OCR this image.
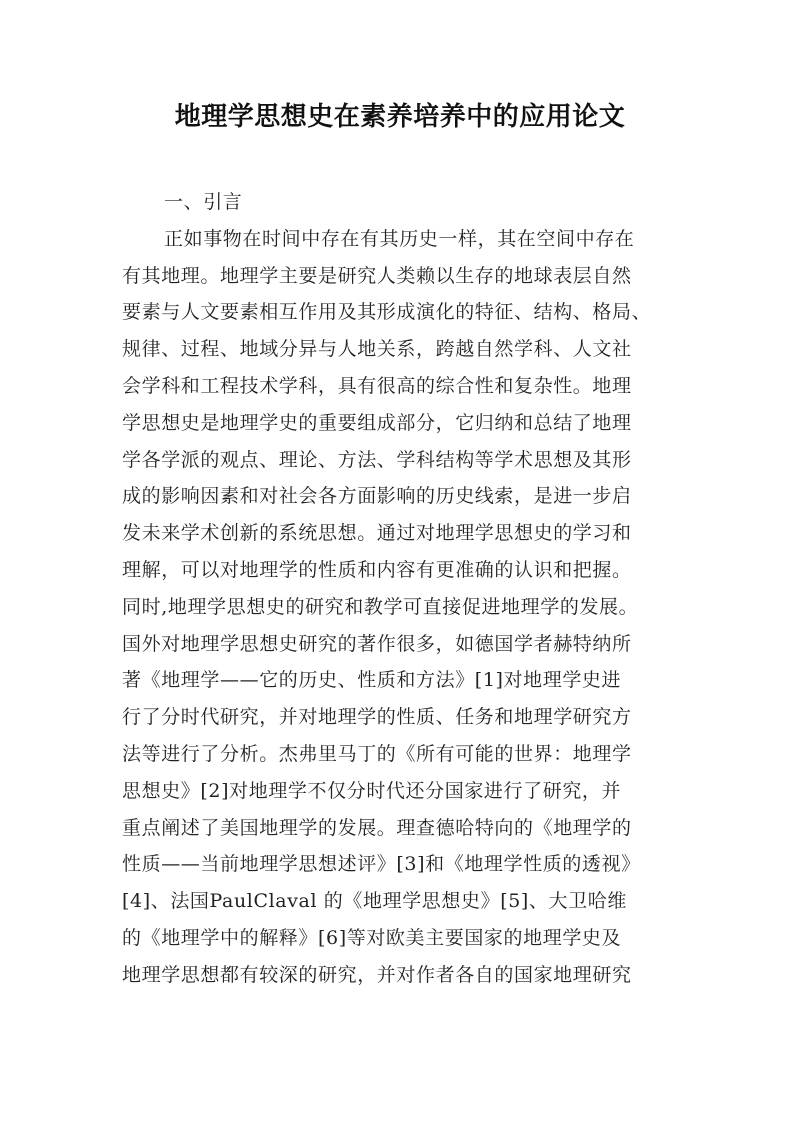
地理学思想史在素养培养中的应用论文
一、引言
正如事物在时间中存在有其历史一样，其在空间中存在
有其地理。地理学主要是研究人类赖以生存的地球表层自然
要素与人文要素相互作用及其形成演化的特征、结构、格局、
规律、过程、地域分异与人地关系，跨越自然学科、人文社
会学科和工程技术学科，具有很高的综合性和复杂性。地理
学思想史是地理学史的重要组成部分，它归纳和总结了地理
学各学派的观点、理论、方法、学科结构等学术思想及其形
成的影响因素和对社会各方面影响的历史线索，是进一步启
发未来学术创新的系统思想。通过对地理学思想史的学习和
理解，可以对地理学的性质和内容有更准确的认识和把握。
同时,地理学思想史的研究和教学可直接促进地理学的发展。
国外对地理学思想史研究的著作很多，如德国学者赫特纳所
著《地理学——它的历史、性质和方法》[1]对地理学史进
行了分时代研究，并对地理学的性质、任务和地理学研究方
法等进行了分析。杰弗里马丁的《所有可能的世界：地理学
思想史》[2]对地理学不仅分时代还分国家进行了研究，并
重点阐述了美国地理学的发展。理查德哈特向的《地理学的
性质——当前地理学思想述评》[3]和《地理学性质的透视》
[4]、法国PaulClaval 的《地理学思想史》[5]、大卫哈维
的《地理学中的解释》[6]等对欧美主要国家的地理学史及
地理学思想都有较深的研究，并对作者各自的国家地理研究
